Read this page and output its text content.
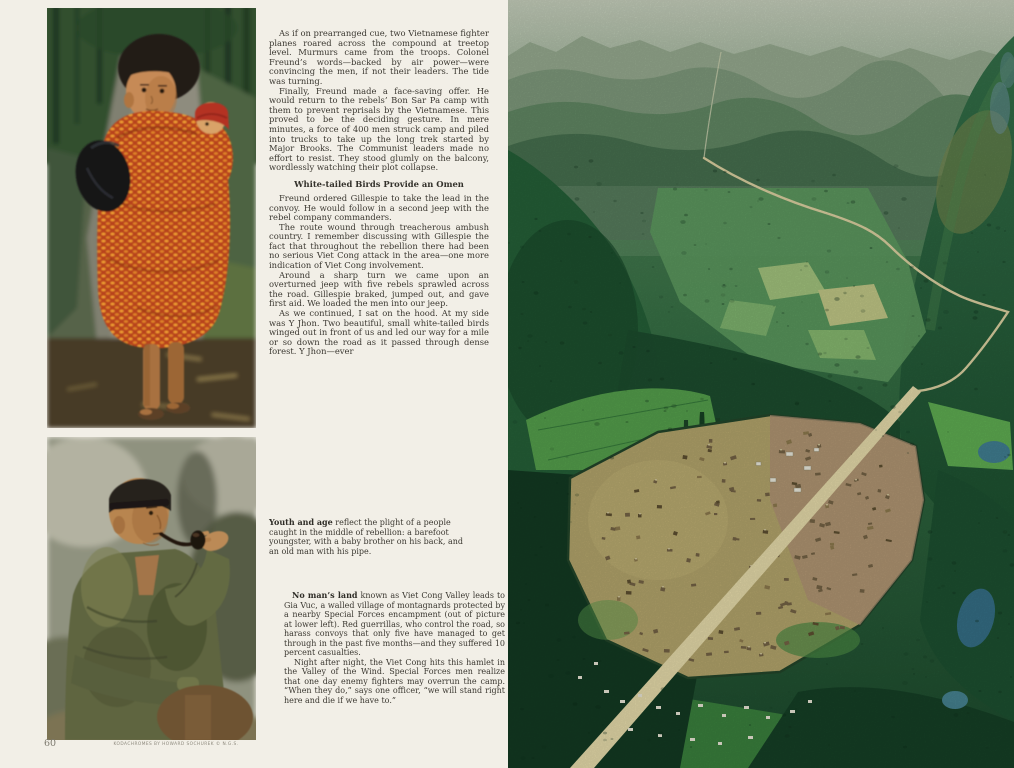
As if on prearranged cue, two Vietnamese fighter planes roared across the compound at treetop level. Murmurs came from the troops. Colonel Freund’s words—backed by air power—were convincing the men, if not their leaders. The tide was turning.

Finally, Freund made a face-saving offer. He would return to the rebels’ Bon Sar Pa camp with them to prevent reprisals by the Vietnamese. This proved to be the deciding gesture. In mere minutes, a force of 400 men struck camp and piled into trucks to take up the long trek started by Major Brooks. The Communist leaders made no effort to resist. They stood glumly on the balcony, wordlessly watching their plot collapse.

White-tailed Birds Provide an Omen

Freund ordered Gillespie to take the lead in the convoy. He would follow in a second jeep with the rebel company commanders.

The route wound through treacherous ambush country. I remember discussing with Gillespie the fact that throughout the rebellion there had been no serious Viet Cong attack in the area—one more indication of Viet Cong involvement.

Around a sharp turn we came upon an overturned jeep with five rebels sprawled across the road. Gillespie braked, jumped out, and gave first aid. We loaded the men into our jeep.

As we continued, I sat on the hood. At my side was Y Jhon. Two beautiful, small white-tailed birds winged out in front of us and led our way for a mile or so down the road as it passed through dense forest. Y Jhon—ever

Youth and age reflect the plight of a people caught in the middle of rebellion: a barefoot youngster, with a baby brother on his back, and an old man with his pipe.

No man’s land known as Viet Cong Valley leads to Gia Vuc, a walled village of montagnards protected by a nearby Special Forces encampment (out of picture at lower left). Red guerrillas, who control the road, so harass convoys that only five have managed to get through in the past five months—and they suffered 10 percent casualties.

Night after night, the Viet Cong hits this hamlet in the Valley of the Wind. Special Forces men realize that one day enemy fighters may overrun the camp. “When they do,” says one officer, “we will stand right here and die if we have to.”

60	KODACHROMES BY HOWARD SOCHUREK © N.G.S.
